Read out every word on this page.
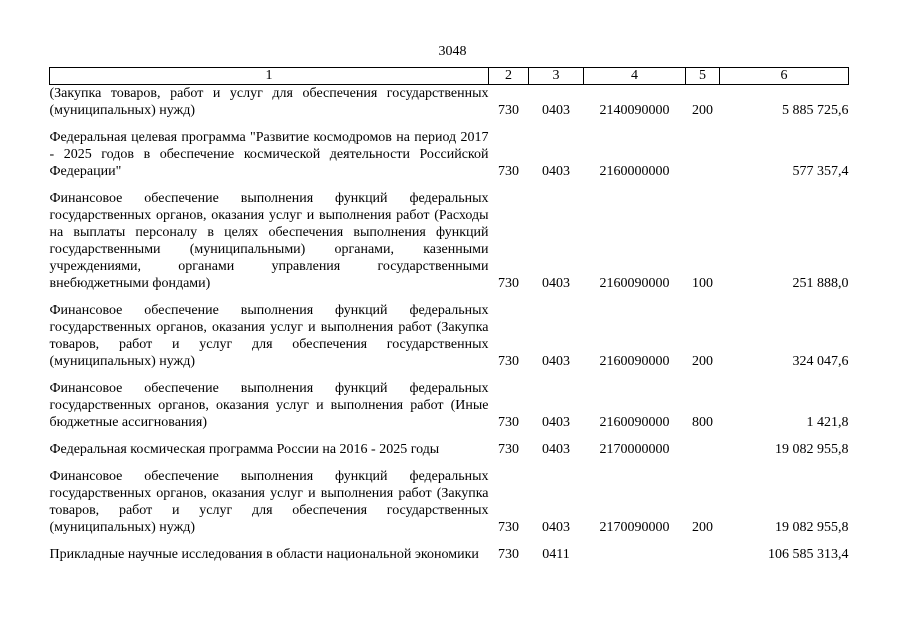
3048
1	2	3	4	5	6
(Закупка товаров, работ и услуг для обеспечения государственных (муниципальных) нужд)	730	0403	2140090000	200	5 885 725,6

Федеральная целевая программа "Развитие космодромов на период 2017 - 2025 годов в обеспечение космической деятельности Российской Федерации"	730	0403	2160000000		577 357,4

Финансовое обеспечение выполнения функций федеральных государственных органов, оказания услуг и выполнения работ (Расходы на выплаты персоналу в целях обеспечения выполнения функций государственными (муниципальными) органами, казенными учреждениями, органами управления государственными внебюджетными фондами)	730	0403	2160090000	100	251 888,0

Финансовое обеспечение выполнения функций федеральных государственных органов, оказания услуг и выполнения работ (Закупка товаров, работ и услуг для обеспечения государственных (муниципальных) нужд)	730	0403	2160090000	200	324 047,6

Финансовое обеспечение выполнения функций федеральных государственных органов, оказания услуг и выполнения работ (Иные бюджетные ассигнования)	730	0403	2160090000	800	1 421,8

Федеральная космическая программа России на 2016 - 2025 годы	730	0403	2170000000		19 082 955,8

Финансовое обеспечение выполнения функций федеральных государственных органов, оказания услуг и выполнения работ (Закупка товаров, работ и услуг для обеспечения государственных (муниципальных) нужд)	730	0403	2170090000	200	19 082 955,8

Прикладные научные исследования в области национальной экономики	730	0411			106 585 313,4
